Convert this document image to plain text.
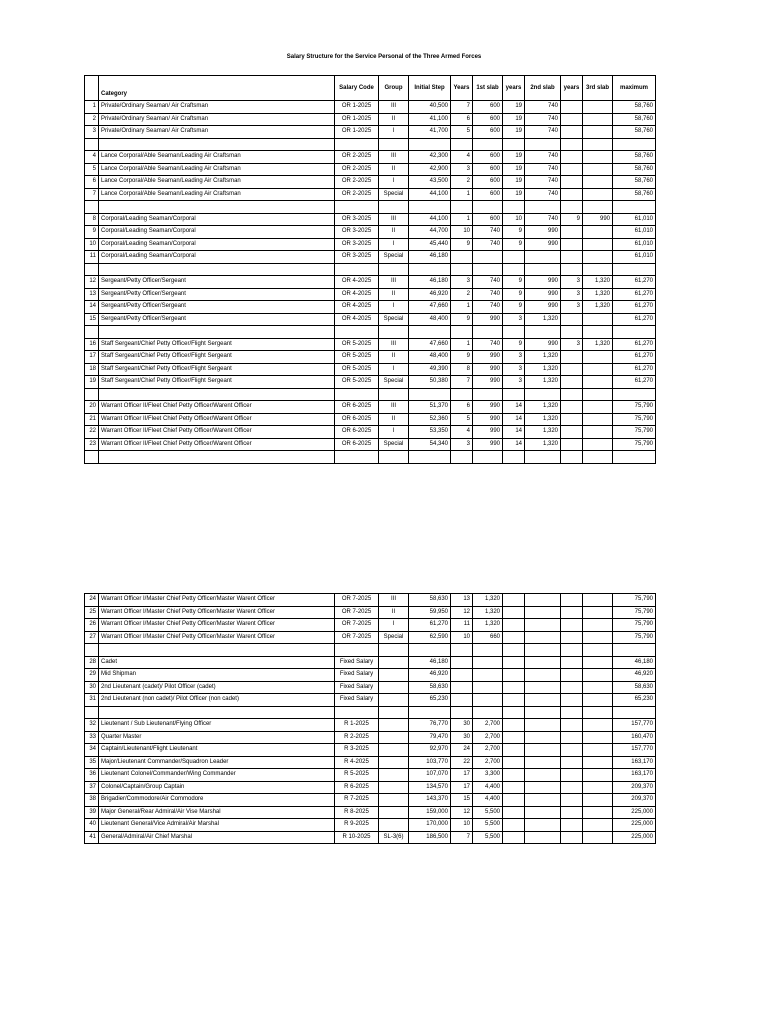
Salary Structure for the Service Personal of the Three Armed Forces
	Category	Salary Code	Group	Initial Step	Years	1st slab	years	2nd slab	years	3rd slab	maximum
1	Private/Ordinary Seaman/ Air Craftsman	OR 1-2025	III	40,500	7	600	19	740			58,760
2	Private/Ordinary Seaman/ Air Craftsman	OR 1-2025	II	41,100	6	600	19	740			58,760
3	Private/Ordinary Seaman/ Air Craftsman	OR 1-2025	I	41,700	5	600	19	740			58,760

4	Lance Corporal/Able Seaman/Leading Air Craftsman	OR 2-2025	III	42,300	4	600	19	740			58,760
5	Lance Corporal/Able Seaman/Leading Air Craftsman	OR 2-2025	II	42,900	3	600	19	740			58,760
6	Lance Corporal/Able Seaman/Leading Air Craftsman	OR 2-2025	I	43,500	2	600	19	740			58,760
7	Lance Corporal/Able Seaman/Leading Air Craftsman	OR 2-2025	Special	44,100	1	600	19	740			58,760

8	Corporal/Leading Seaman/Corporal	OR 3-2025	III	44,100	1	600	10	740	9	990	61,010
9	Corporal/Leading Seaman/Corporal	OR 3-2025	II	44,700	10	740	9	990			61,010
10	Corporal/Leading Seaman/Corporal	OR 3-2025	I	45,440	9	740	9	990			61,010
11	Corporal/Leading Seaman/Corporal	OR 3-2025	Special	46,180							61,010

12	Sergeant/Petty Officer/Sergeant	OR 4-2025	III	46,180	3	740	9	990	3	1,320	61,270
13	Sergeant/Petty Officer/Sergeant	OR 4-2025	II	46,920	2	740	9	990	3	1,320	61,270
14	Sergeant/Petty Officer/Sergeant	OR 4-2025	I	47,660	1	740	9	990	3	1,320	61,270
15	Sergeant/Petty Officer/Sergeant	OR 4-2025	Special	48,400	9	990	3	1,320			61,270

16	Staff Sergeant/Chief Petty Officer/Flight Sergeant	OR 5-2025	III	47,660	1	740	9	990	3	1,320	61,270
17	Staff Sergeant/Chief Petty Officer/Flight Sergeant	OR 5-2025	II	48,400	9	990	3	1,320			61,270
18	Staff Sergeant/Chief Petty Officer/Flight Sergeant	OR 5-2025	I	49,390	8	990	3	1,320			61,270
19	Staff Sergeant/Chief Petty Officer/Flight Sergeant	OR 5-2025	Special	50,380	7	990	3	1,320			61,270

20	Warrant Officer II/Fleet Chief Petty Officer/Warent Officer	OR 6-2025	III	51,370	6	990	14	1,320			75,790
21	Warrant Officer II/Fleet Chief Petty Officer/Warent Officer	OR 6-2025	II	52,360	5	990	14	1,320			75,790
22	Warrant Officer II/Fleet Chief Petty Officer/Warent Officer	OR 6-2025	I	53,350	4	990	14	1,320			75,790
23	Warrant Officer II/Fleet Chief Petty Officer/Warent Officer	OR 6-2025	Special	54,340	3	990	14	1,320			75,790

24	Warrant Officer I/Master Chief Petty Officer/Master Warent Officer	OR 7-2025	III	58,630	13	1,320					75,790
25	Warrant Officer I/Master Chief Petty Officer/Master Warent Officer	OR 7-2025	II	59,950	12	1,320					75,790
26	Warrant Officer I/Master Chief Petty Officer/Master Warent Officer	OR 7-2025	I	61,270	11	1,320					75,790
27	Warrant Officer I/Master Chief Petty Officer/Master Warent Officer	OR 7-2025	Special	62,590	10	660					75,790

28	Cadet	Fixed Salary		46,180							46,180
29	Mid Shipman	Fixed Salary		46,920							46,920
30	2nd Lieutenant (cadet)/ Pilot Officer (cadet)	Fixed Salary		58,630							58,630
31	2nd Lieutenant (non cadet)/ Pilot Officer (non cadet)	Fixed Salary		65,230							65,230

32	Lieutenant / Sub Lieutenant/Flying Officer	R 1-2025		76,770	30	2,700					157,770
33	Quarter Master	R 2-2025		79,470	30	2,700					160,470
34	Captain/Lieutenant/Flight Lieutenant	R 3-2025		92,970	24	2,700					157,770
35	Major/Lieutenant Commander/Squadron Leader	R 4-2025		103,770	22	2,700					163,170
36	Lieutenant Colonel/Commander/Wing Commander	R 5-2025		107,070	17	3,300					163,170
37	Colonel/Captain/Group Captain	R 6-2025		134,570	17	4,400					209,370
38	Brigadier/Commodore/Air Commodore	R 7-2025		143,370	15	4,400					209,370
39	Major General/Rear Admiral/Air Vise Marshal	R 8-2025		159,000	12	5,500					225,000
40	Lieutenant General/Vice Admiral/Air Marshal	R 9-2025		170,000	10	5,500					225,000
41	General/Admiral/Air Chief Marshal	R 10-2025	SL-3(6)	186,500	7	5,500					225,000
